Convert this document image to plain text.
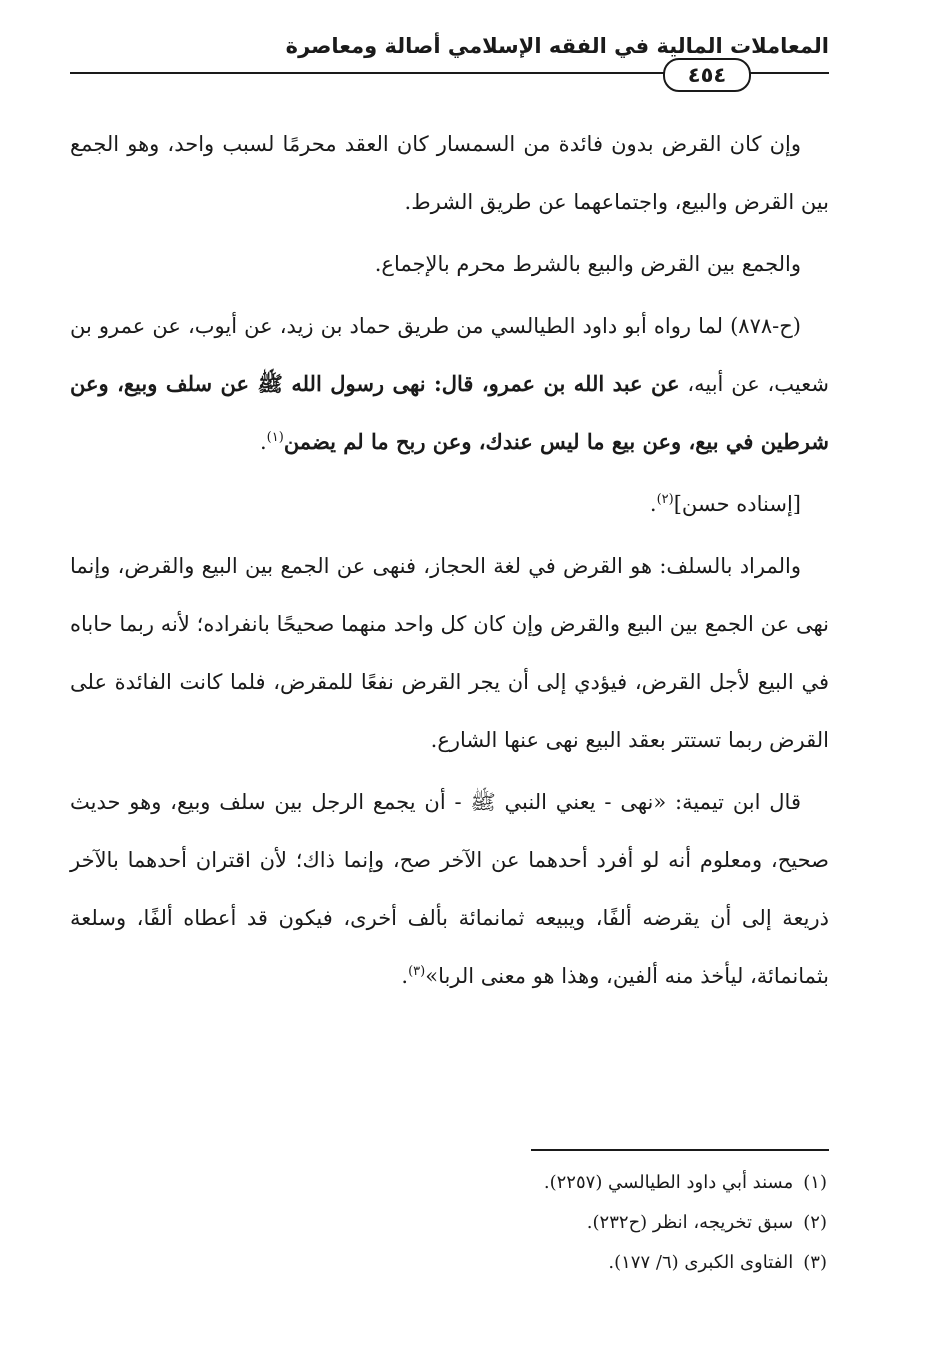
المعاملات المالية في الفقه الإسلامي أصالة ومعاصرة
٤٥٤

وإن كان القرض بدون فائدة من السمسار كان العقد محرمًا لسبب واحد، وهو الجمع بين القرض والبيع، واجتماعهما عن طريق الشرط.

والجمع بين القرض والبيع بالشرط محرم بالإجماع.

(ح-٨٧٨) لما رواه أبو داود الطيالسي من طريق حماد بن زيد، عن أيوب، عن عمرو بن شعيب، عن أبيه، عن عبد الله بن عمرو، قال: نهى رسول الله ﷺ عن سلف وبيع، وعن شرطين في بيع، وعن بيع ما ليس عندك، وعن ربح ما لم يضمن$^{(١)}$.

[إسناده حسن]$^{(٢)}$.

والمراد بالسلف: هو القرض في لغة الحجاز، فنهى عن الجمع بين البيع والقرض، وإنما نهى عن الجمع بين البيع والقرض وإن كان كل واحد منهما صحيحًا بانفراده؛ لأنه ربما حاباه في البيع لأجل القرض، فيؤدي إلى أن يجر القرض نفعًا للمقرض، فلما كانت الفائدة على القرض ربما تستتر بعقد البيع نهى عنها الشارع.

قال ابن تيمية: «نهى - يعني النبي ﷺ - أن يجمع الرجل بين سلف وبيع، وهو حديث صحيح، ومعلوم أنه لو أفرد أحدهما عن الآخر صح، وإنما ذاك؛ لأن اقتران أحدهما بالآخر ذريعة إلى أن يقرضه ألفًا، ويبيعه ثمانمائة بألف أخرى، فيكون قد أعطاه ألفًا، وسلعة بثمانمائة، ليأخذ منه ألفين، وهذا هو معنى الربا»$^{(٣)}$.

(١)مسند أبي داود الطيالسي (٢٢٥٧).

(٢)سبق تخريجه، انظر (ح٢٣٢).

(٣)الفتاوى الكبرى (٦/ ١٧٧).
